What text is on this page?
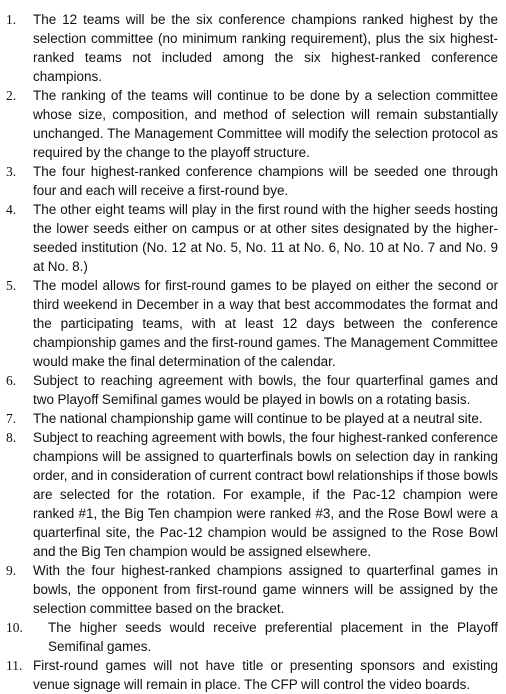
1.	The 12 teams will be the six conference champions ranked highest by the selection committee (no minimum ranking requirement), plus the six highest-ranked teams not included among the six highest-ranked conference champions.
2.	The ranking of the teams will continue to be done by a selection committee whose size, composition, and method of selection will remain substantially unchanged. The Management Committee will modify the selection protocol as required by the change to the playoff structure.
3.	The four highest-ranked conference champions will be seeded one through four and each will receive a first-round bye.
4.	The other eight teams will play in the first round with the higher seeds hosting the lower seeds either on campus or at other sites designated by the higher-seeded institution (No. 12 at No. 5, No. 11 at No. 6, No. 10 at No. 7 and No. 9 at No. 8.)
5.	The model allows for first-round games to be played on either the second or third weekend in December in a way that best accommodates the format and the participating teams, with at least 12 days between the conference championship games and the first-round games. The Management Committee would make the final determination of the calendar.
6.	Subject to reaching agreement with bowls, the four quarterfinal games and two Playoff Semifinal games would be played in bowls on a rotating basis.
7.	The national championship game will continue to be played at a neutral site.
8.	Subject to reaching agreement with bowls, the four highest-ranked conference champions will be assigned to quarterfinals bowls on selection day in ranking order, and in consideration of current contract bowl relationships if those bowls are selected for the rotation. For example, if the Pac-12 champion were ranked #1, the Big Ten champion were ranked #3, and the Rose Bowl were a quarterfinal site, the Pac-12 champion would be assigned to the Rose Bowl and the Big Ten champion would be assigned elsewhere.
9.	With the four highest-ranked champions assigned to quarterfinal games in bowls, the opponent from first-round game winners will be assigned by the selection committee based on the bracket.
10.	The higher seeds would receive preferential placement in the Playoff Semifinal games.
11. First-round games will not have title or presenting sponsors and existing venue signage will remain in place. The CFP will control the video boards.
